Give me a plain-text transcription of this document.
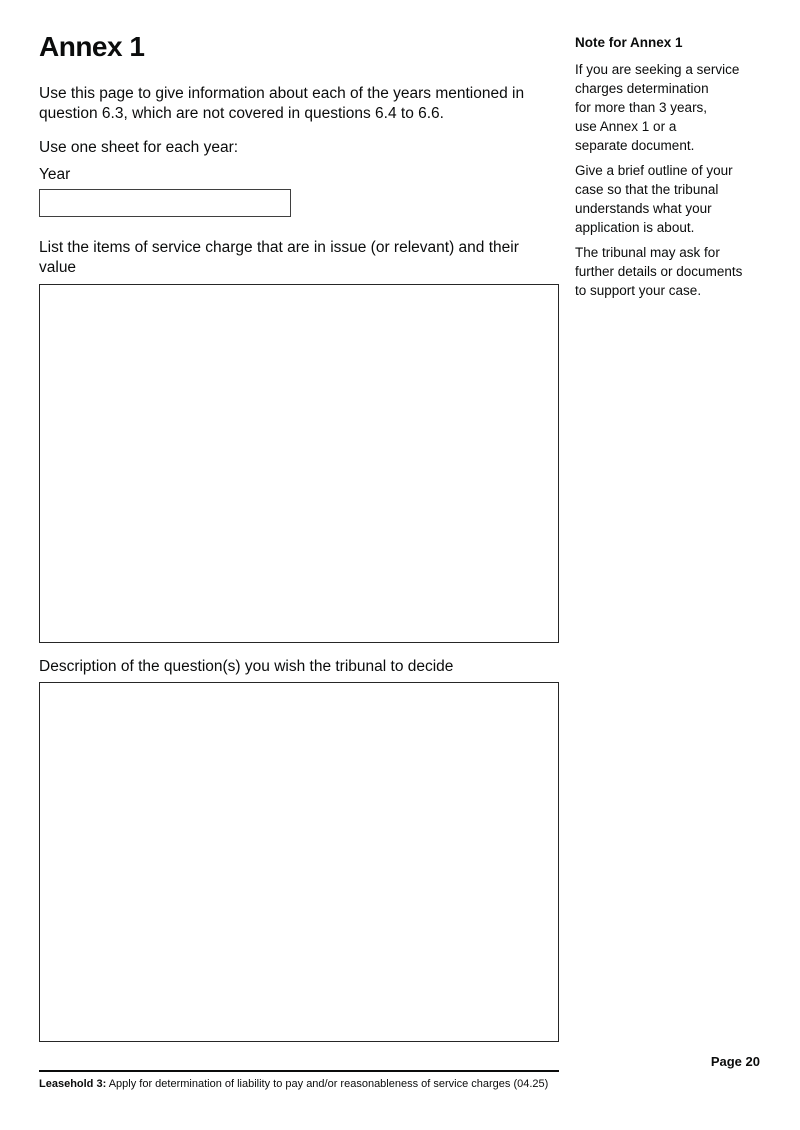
Annex 1
Use this page to give information about each of the years mentioned in
question 6.3, which are not covered in questions 6.4 to 6.6.
Use one sheet for each year:
Year
List the items of service charge that are in issue (or relevant) and their
value
Description of the question(s) you wish the tribunal to decide
Note for Annex 1
If you are seeking a service
charges determination
for more than 3 years,
use Annex 1 or a
separate document.
Give a brief outline of your
case so that the tribunal
understands what your
application is about.
The tribunal may ask for
further details or documents
to support your case.
Page 20
Leasehold 3: Apply for determination of liability to pay and/or reasonableness of service charges (04.25)
